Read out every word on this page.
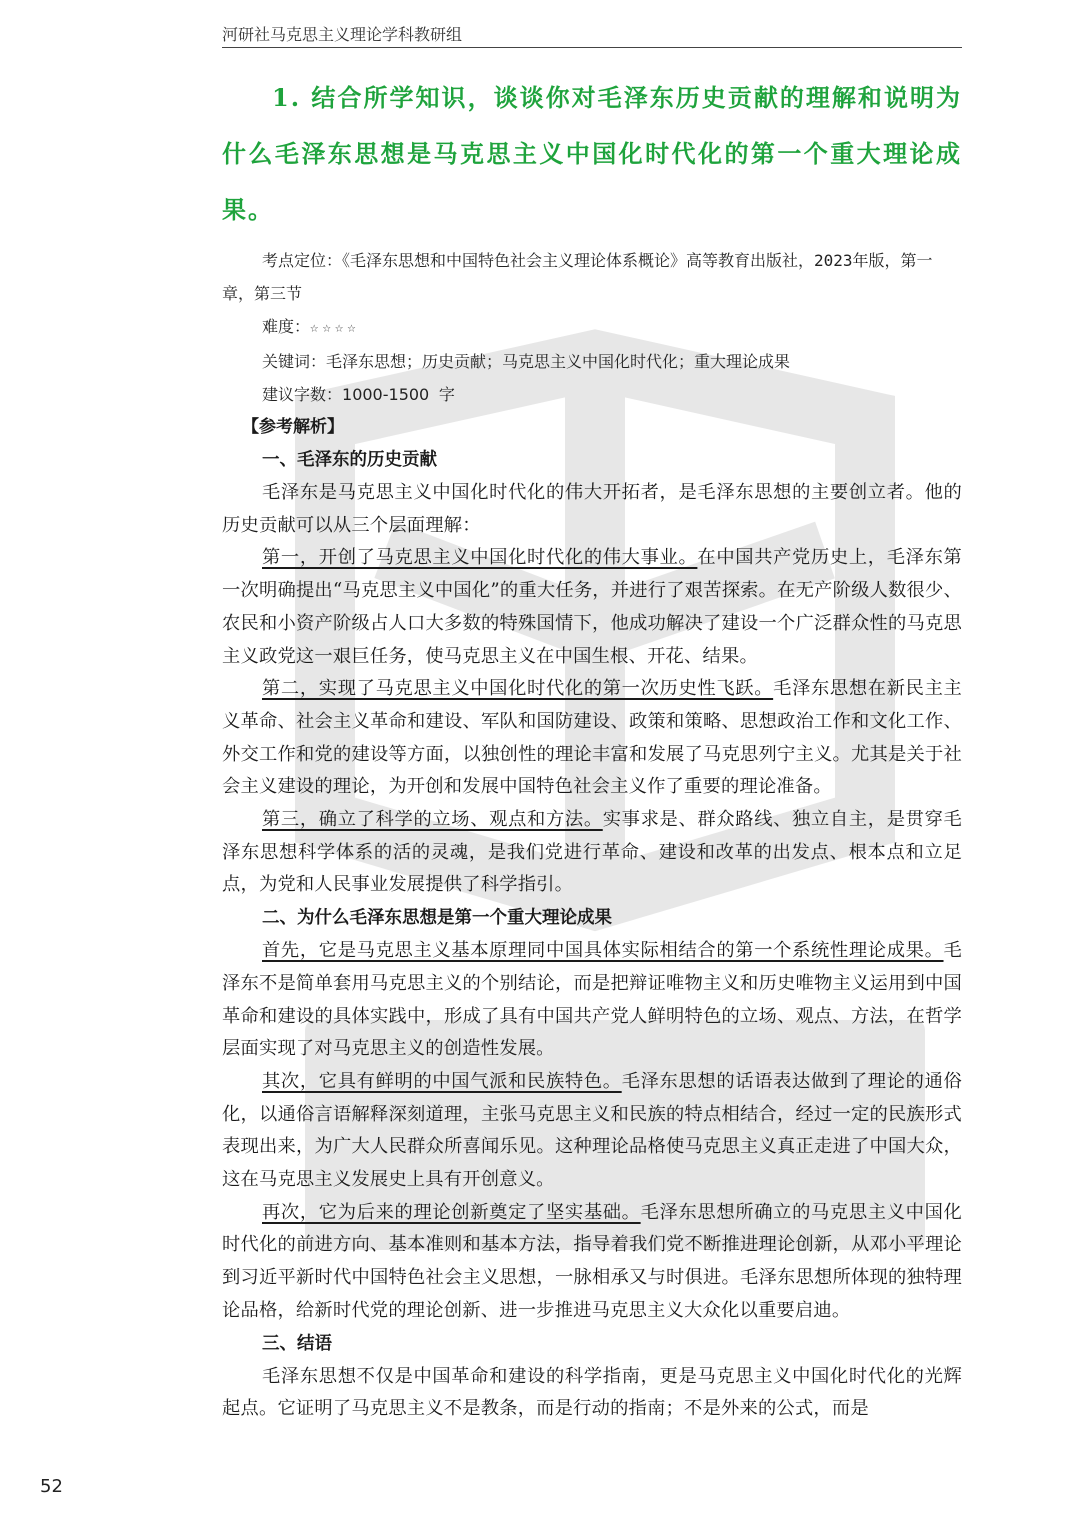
河研社马克思主义理论学科教研组

1. 结合所学知识，谈谈你对毛泽东历史贡献的理解和说明为什么毛泽东思想是马克思主义中国化时代化的第一个重大理论成果。

考点定位：《毛泽东思想和中国特色社会主义理论体系概论》高等教育出版社，2023年版，第一章，第三节

难度：☆☆☆☆

关键词：毛泽东思想；历史贡献；马克思主义中国化时代化；重大理论成果

建议字数：1000-1500 字

【参考解析】

一、毛泽东的历史贡献

毛泽东是马克思主义中国化时代化的伟大开拓者，是毛泽东思想的主要创立者。他的历史贡献可以从三个层面理解：

第一，开创了马克思主义中国化时代化的伟大事业。在中国共产党历史上，毛泽东第一次明确提出“马克思主义中国化”的重大任务，并进行了艰苦探索。在无产阶级人数很少、农民和小资产阶级占人口大多数的特殊国情下，他成功解决了建设一个广泛群众性的马克思主义政党这一艰巨任务，使马克思主义在中国生根、开花、结果。

第二，实现了马克思主义中国化时代化的第一次历史性飞跃。毛泽东思想在新民主主义革命、社会主义革命和建设、军队和国防建设、政策和策略、思想政治工作和文化工作、外交工作和党的建设等方面，以独创性的理论丰富和发展了马克思列宁主义。尤其是关于社会主义建设的理论，为开创和发展中国特色社会主义作了重要的理论准备。

第三，确立了科学的立场、观点和方法。实事求是、群众路线、独立自主，是贯穿毛泽东思想科学体系的活的灵魂，是我们党进行革命、建设和改革的出发点、根本点和立足点，为党和人民事业发展提供了科学指引。

二、为什么毛泽东思想是第一个重大理论成果

首先，它是马克思主义基本原理同中国具体实际相结合的第一个系统性理论成果。毛泽东不是简单套用马克思主义的个别结论，而是把辩证唯物主义和历史唯物主义运用到中国革命和建设的具体实践中，形成了具有中国共产党人鲜明特色的立场、观点、方法，在哲学层面实现了对马克思主义的创造性发展。

其次，它具有鲜明的中国气派和民族特色。毛泽东思想的话语表达做到了理论的通俗化，以通俗言语解释深刻道理，主张马克思主义和民族的特点相结合，经过一定的民族形式表现出来，为广大人民群众所喜闻乐见。这种理论品格使马克思主义真正走进了中国大众，这在马克思主义发展史上具有开创意义。

再次，它为后来的理论创新奠定了坚实基础。毛泽东思想所确立的马克思主义中国化时代化的前进方向、基本准则和基本方法，指导着我们党不断推进理论创新，从邓小平理论到习近平新时代中国特色社会主义思想，一脉相承又与时俱进。毛泽东思想所体现的独特理论品格，给新时代党的理论创新、进一步推进马克思主义大众化以重要启迪。

三、结语

毛泽东思想不仅是中国革命和建设的科学指南，更是马克思主义中国化时代化的光辉起点。它证明了马克思主义不是教条，而是行动的指南；不是外来的公式，而是

52
